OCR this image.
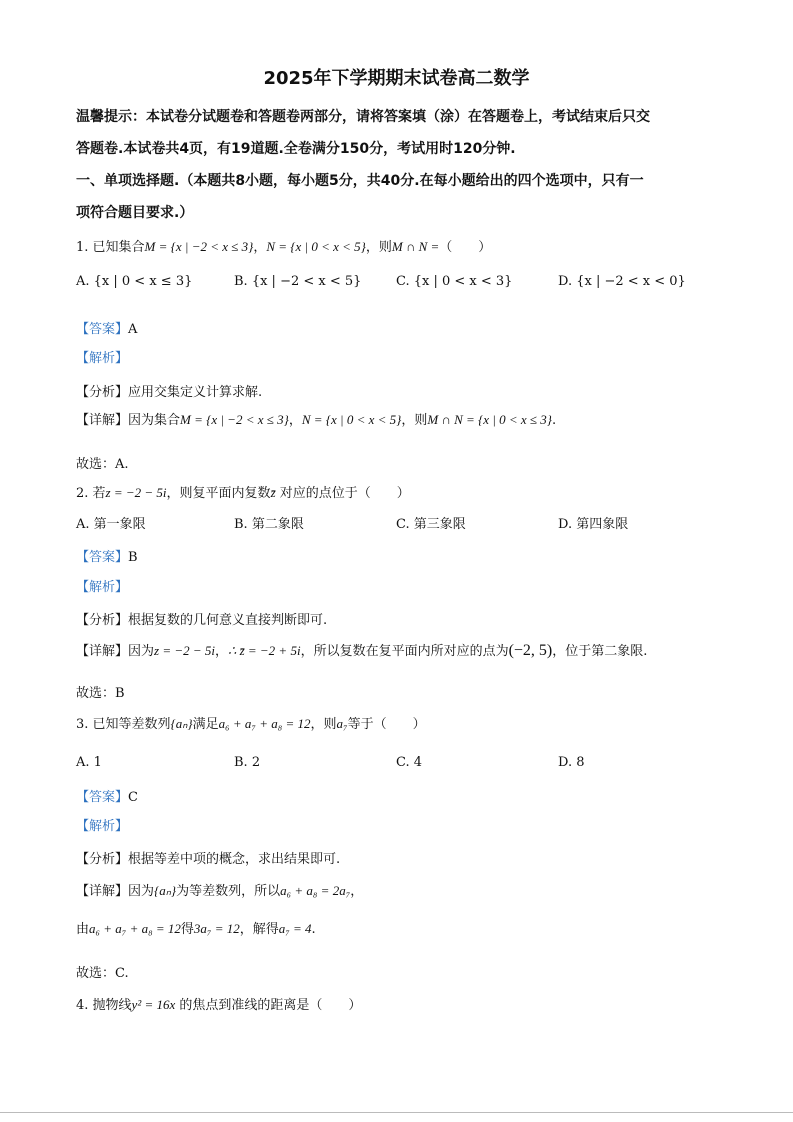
2025年下学期期末试卷高二数学
温馨提示：本试卷分试题卷和答题卷两部分，请将答案填（涂）在答题卷上，考试结束后只交
答题卷.本试卷共4页，有19道题.全卷满分150分，考试用时120分钟.
一、单项选择题.（本题共8小题，每小题5分，共40分.在每小题给出的四个选项中，只有一
项符合题目要求.）
1. 已知集合M = {x | −2 < x ≤ 3}，N = {x | 0 < x < 5}，则M ∩ N =（　　）
A. {x | 0 < x ≤ 3}	B. {x | −2 < x < 5}	C. {x | 0 < x < 3}	D. {x | −2 < x < 0}
【答案】A
【解析】
【分析】应用交集定义计算求解.
【详解】因为集合M = {x | −2 < x ≤ 3}，N = {x | 0 < x < 5}，则M ∩ N = {x | 0 < x ≤ 3}.
故选：A.
2. 若z = −2 − 5i，则复平面内复数z̄ 对应的点位于（　　）
A. 第一象限	B. 第二象限	C. 第三象限	D. 第四象限
【答案】B
【解析】
【分析】根据复数的几何意义直接判断即可.
【详解】因为z = −2 − 5i，∴ z̄ = −2 + 5i，所以复数在复平面内所对应的点为(−2, 5)，位于第二象限.
故选：B
3. 已知等差数列{aₙ}满足a₆ + a₇ + a₈ = 12，则a₇等于（　　）
A. 1	B. 2	C. 4	D. 8
【答案】C
【解析】
【分析】根据等差中项的概念，求出结果即可.
【详解】因为{aₙ}为等差数列，所以a₆ + a₈ = 2a₇，
由a₆ + a₇ + a₈ = 12得3a₇ = 12，解得a₇ = 4.
故选：C.
4. 抛物线y² = 16x 的焦点到准线的距离是（　　）
